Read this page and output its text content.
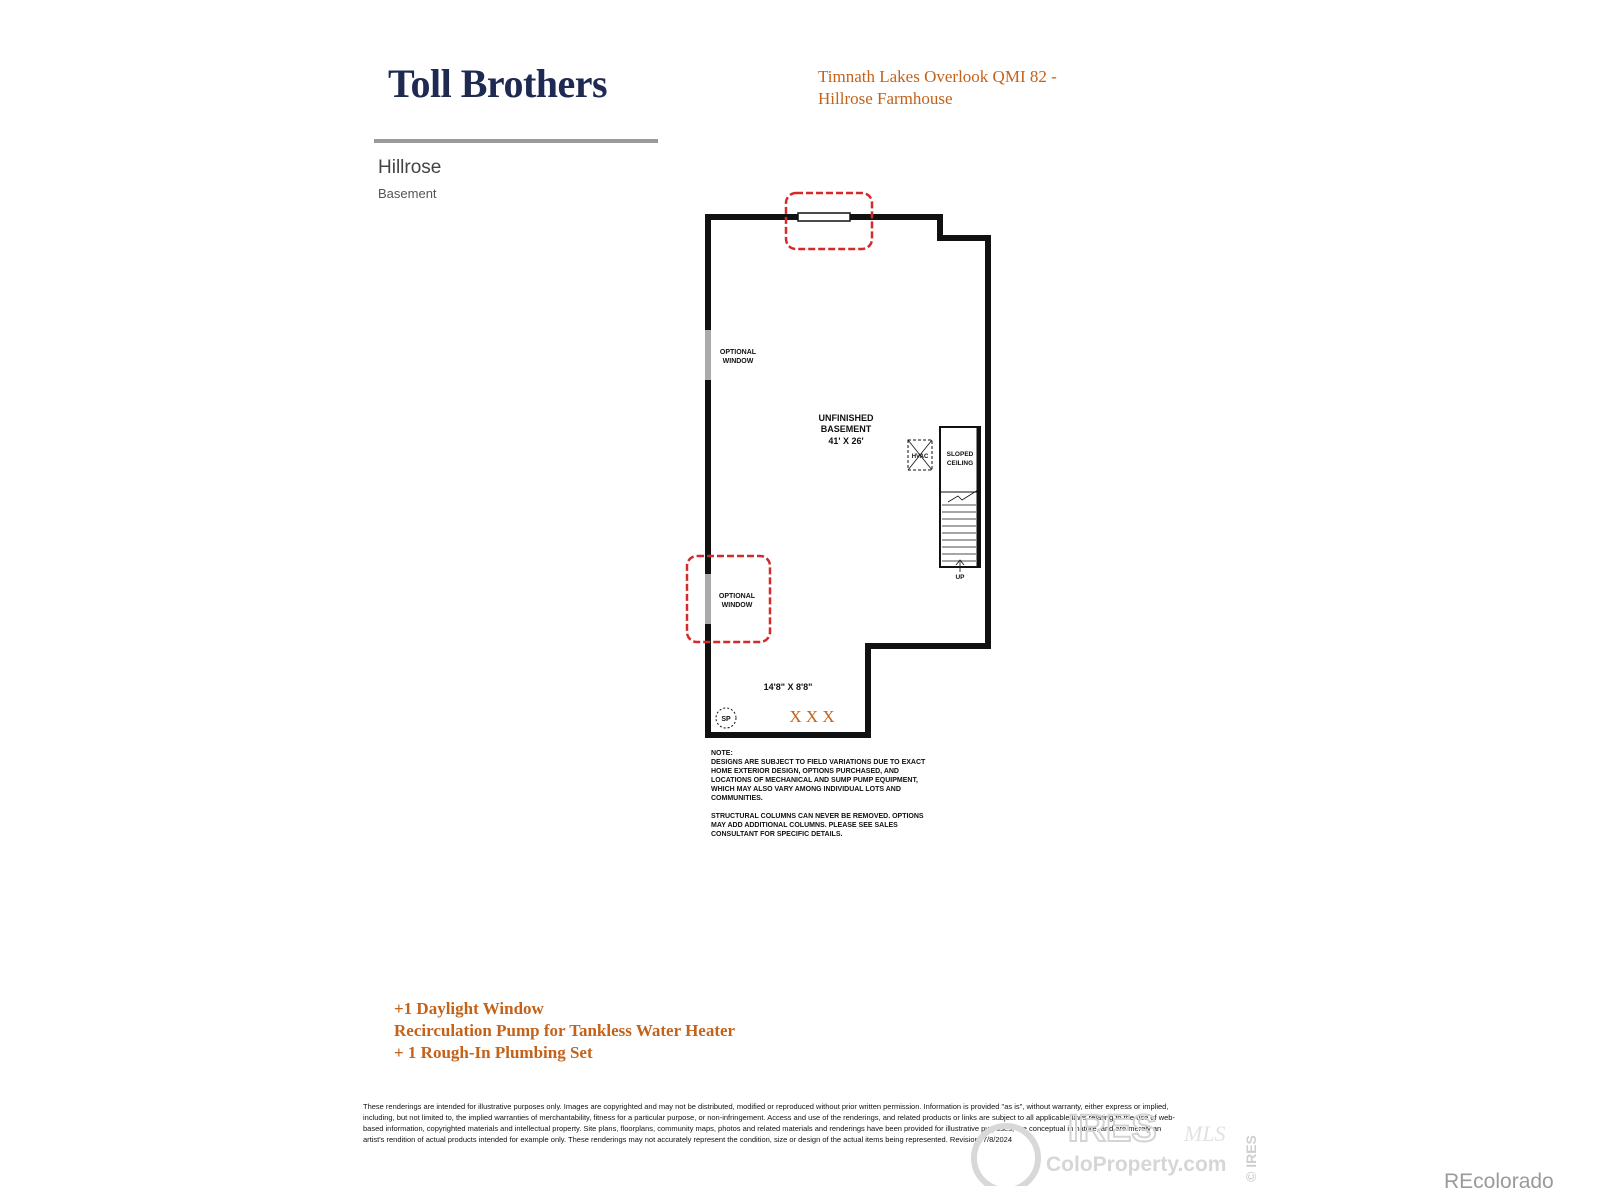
Toll Brothers	Timnath Lakes Overlook QMI 82 -
Hillrose Farmhouse
Hillrose
Basement
OPTIONAL
WINDOW
OPTIONAL
WINDOW
UNFINISHED
BASEMENT
41' X 26'
HVAC	SLOPED
CEILING
UP
14'8" X 8'8"
SP	X X X
NOTE:
DESIGNS ARE SUBJECT TO FIELD VARIATIONS DUE TO EXACT
HOME EXTERIOR DESIGN, OPTIONS PURCHASED, AND
LOCATIONS OF MECHANICAL AND SUMP PUMP EQUIPMENT,
WHICH MAY ALSO VARY AMONG INDIVIDUAL LOTS AND
COMMUNITIES.
STRUCTURAL COLUMNS CAN NEVER BE REMOVED. OPTIONS
MAY ADD ADDITIONAL COLUMNS. PLEASE SEE SALES
CONSULTANT FOR SPECIFIC DETAILS.
+1 Daylight Window
Recirculation Pump for Tankless Water Heater
+ 1 Rough-In Plumbing Set
These renderings are intended for illustrative purposes only. Images are copyrighted and may not be distributed, modified or reproduced without prior written permission. Information is provided "as is", without warranty, either express or implied, including, but not limited to, the implied warranties of merchantability, fitness for a particular purpose, or non-infringement. Access and use of the renderings, and related products or links are subject to all applicable laws relating to the use of web-based information, copyrighted materials and intellectual property. Site plans, floorplans, community maps, photos and related materials and renderings have been provided for illustrative purposes, are conceptual in nature, and are merely an artist's rendition of actual products intended for example only. These renderings may not accurately represent the condition, size or design of the actual items being represented. Revision: 7/8/2024	IRES MLS
ColoProperty.com © IRES	REcolorado
